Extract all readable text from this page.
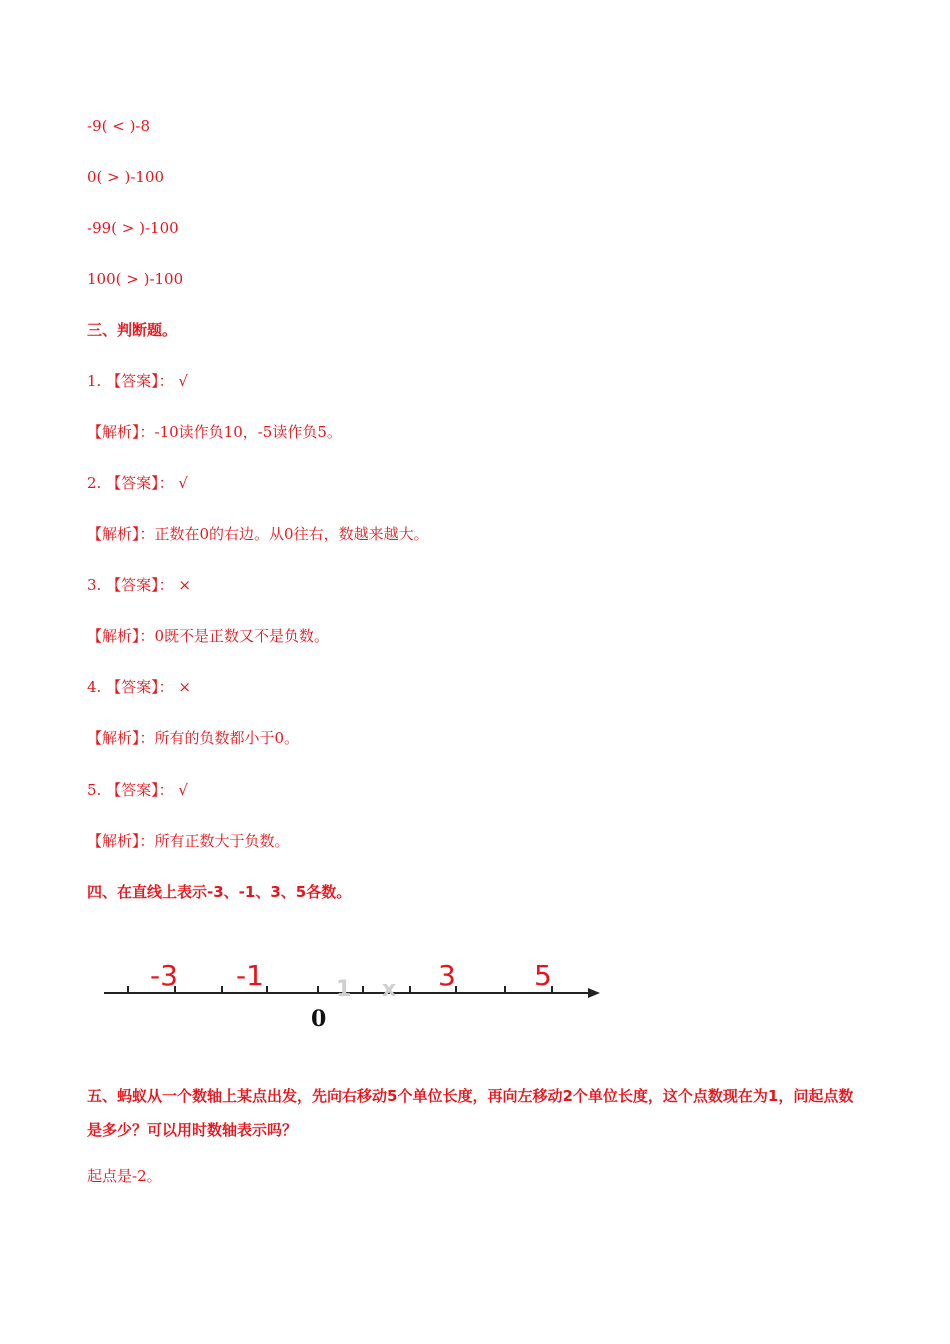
-9( < )-8
0( > )-100
-99( > )-100
100( > )-100
三、判断题。
1. 【答案】： √
【解析】：-10读作负10，-5读作负5。
2. 【答案】： √
【解析】：正数在0的右边。从0往右，数越来越大。
3. 【答案】： ×
【解析】：0既不是正数又不是负数。
4. 【答案】： ×
【解析】：所有的负数都小于0。
5. 【答案】： √
【解析】：所有正数大于负数。
四、在直线上表示-3、-1、3、5各数。
1 x
-3 -1	3	5
0
五、蚂蚁从一个数轴上某点出发，先向右移动5个单位长度，再向左移动2个单位长度，这个点数现在为1，问起点数是多少？可以用时数轴表示吗？
起点是-2。
